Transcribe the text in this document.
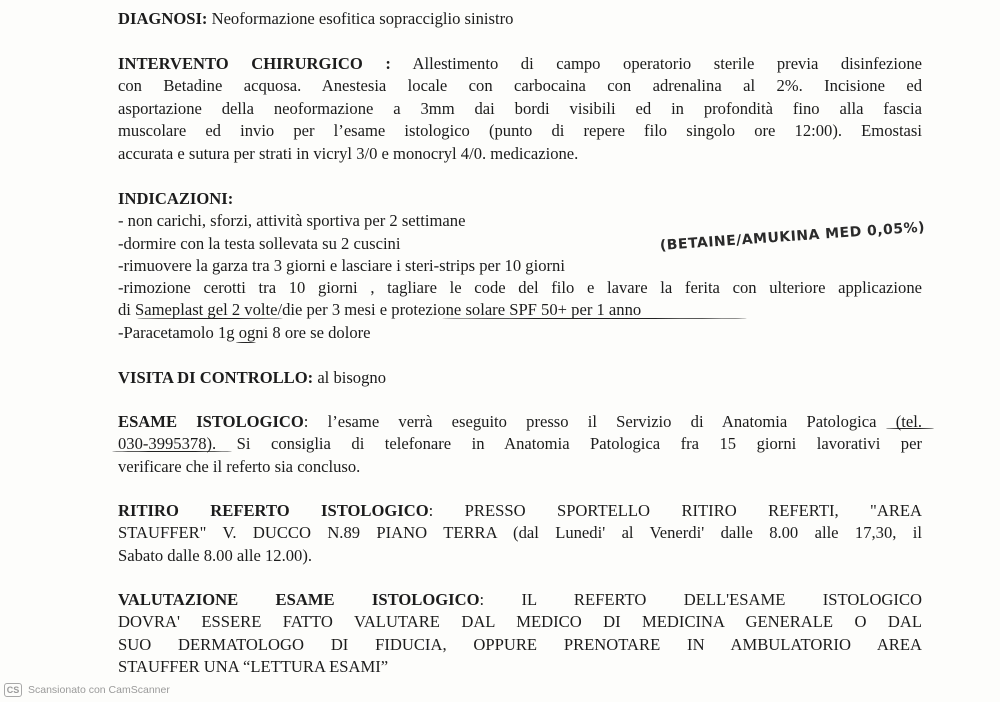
DIAGNOSI: Neoformazione esofitica sopracciglio sinistro
INTERVENTO CHIRURGICO : Allestimento di campo operatorio sterile previa disinfezione
con Betadine acquosa. Anestesia locale con carbocaina con adrenalina al 2%. Incisione ed
asportazione della neoformazione a 3mm dai bordi visibili ed in profondità fino alla fascia
muscolare ed invio per l’esame istologico (punto di repere filo singolo ore 12:00). Emostasi
accurata e sutura per strati in vicryl 3/0 e monocryl 4/0. medicazione.
INDICAZIONI:
- non carichi, sforzi, attività sportiva per 2 settimane
-dormire con la testa sollevata su 2 cuscini
-rimuovere la garza tra 3 giorni e lasciare i steri-strips per 10 giorni
-rimozione cerotti tra 10 giorni , tagliare le code del filo e lavare la ferita con ulteriore applicazione
di Sameplast gel 2 volte/die per 3 mesi e protezione solare SPF 50+ per 1 anno
-Paracetamolo 1g ogni 8 ore se dolore
(BETAINE/AMUKINA MED 0,05%)
VISITA DI CONTROLLO: al bisogno
ESAME ISTOLOGICO: l’esame verrà eseguito presso il Servizio di Anatomia Patologica (tel.
030-3995378). Si consiglia di telefonare in Anatomia Patologica fra 15 giorni lavorativi per
verificare che il referto sia concluso.
RITIRO REFERTO ISTOLOGICO: PRESSO SPORTELLO RITIRO REFERTI, "AREA
STAUFFER" V. DUCCO N.89 PIANO TERRA (dal Lunedi' al Venerdi' dalle 8.00 alle 17,30, il
Sabato dalle 8.00 alle 12.00).
VALUTAZIONE ESAME ISTOLOGICO: IL REFERTO DELL'ESAME ISTOLOGICO
DOVRA' ESSERE FATTO VALUTARE DAL MEDICO DI MEDICINA GENERALE O DAL
SUO DERMATOLOGO DI FIDUCIA, OPPURE PRENOTARE IN AMBULATORIO AREA
STAUFFER UNA “LETTURA ESAMI”
CS Scansionato con CamScanner
